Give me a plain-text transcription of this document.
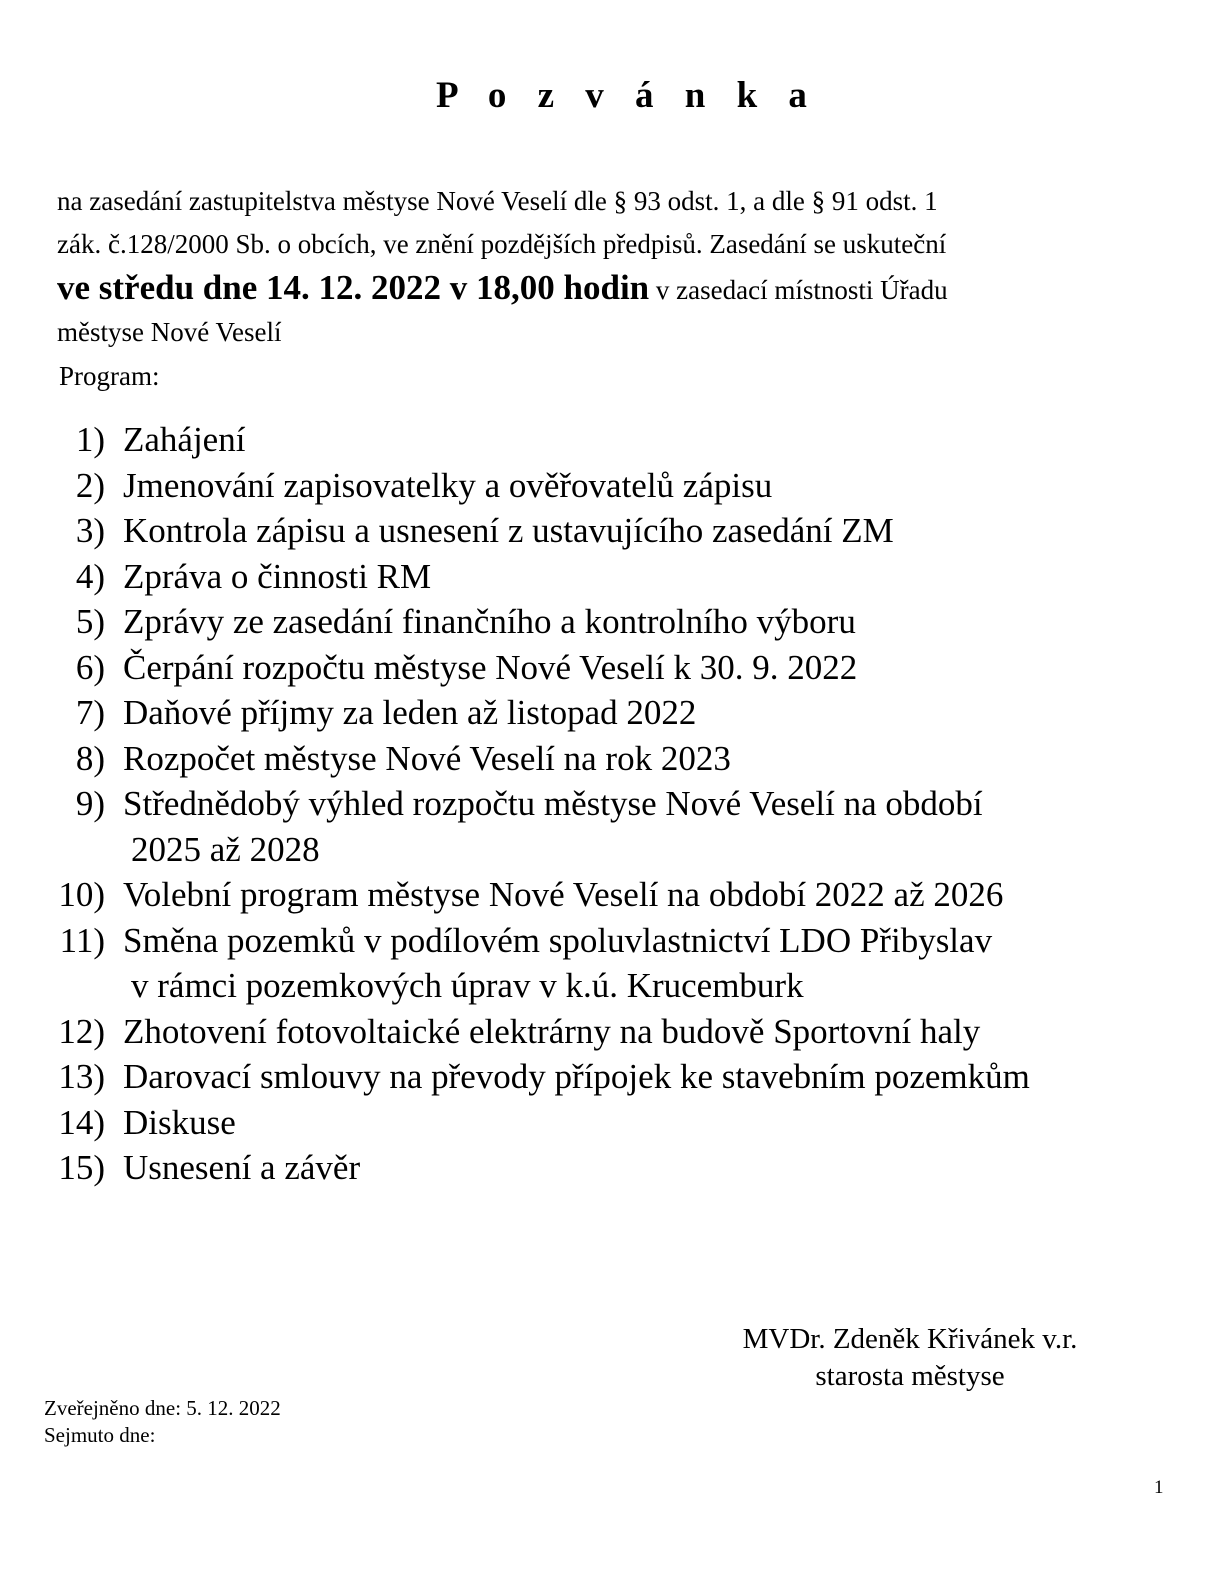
P o z v á n k a

na zasedání zastupitelstva městyse Nové Veselí dle § 93 odst. 1, a dle § 91 odst. 1
zák. č.128/2000 Sb. o obcích, ve znění pozdějších předpisů. Zasedání se uskuteční
ve středu dne 14. 12. 2022 v 18,00 hodin v zasedací místnosti Úřadu
městyse Nové Veselí

Program:
1) Zahájení
2) Jmenování zapisovatelky a ověřovatelů zápisu
3) Kontrola zápisu a usnesení z ustavujícího zasedání ZM
4) Zpráva o činnosti RM
5) Zprávy ze zasedání finančního a kontrolního výboru
6) Čerpání rozpočtu městyse Nové Veselí k 30. 9. 2022
7) Daňové příjmy za leden až listopad 2022
8) Rozpočet městyse Nové Veselí na rok 2023
9) Střednědobý výhled rozpočtu městyse Nové Veselí na období
2025 až 2028
10) Volební program městyse Nové Veselí na období 2022 až 2026
11) Směna pozemků v podílovém spoluvlastnictví LDO Přibyslav
v rámci pozemkových úprav v k.ú. Krucemburk
12) Zhotovení fotovoltaické elektrárny na budově Sportovní haly
13) Darovací smlouvy na převody přípojek ke stavebním pozemkům
14) Diskuse
15) Usnesení a závěr
MVDr. Zdeněk Křivánek v.r.
starosta městyse
Zveřejněno dne: 5. 12. 2022
Sejmuto dne:
1
